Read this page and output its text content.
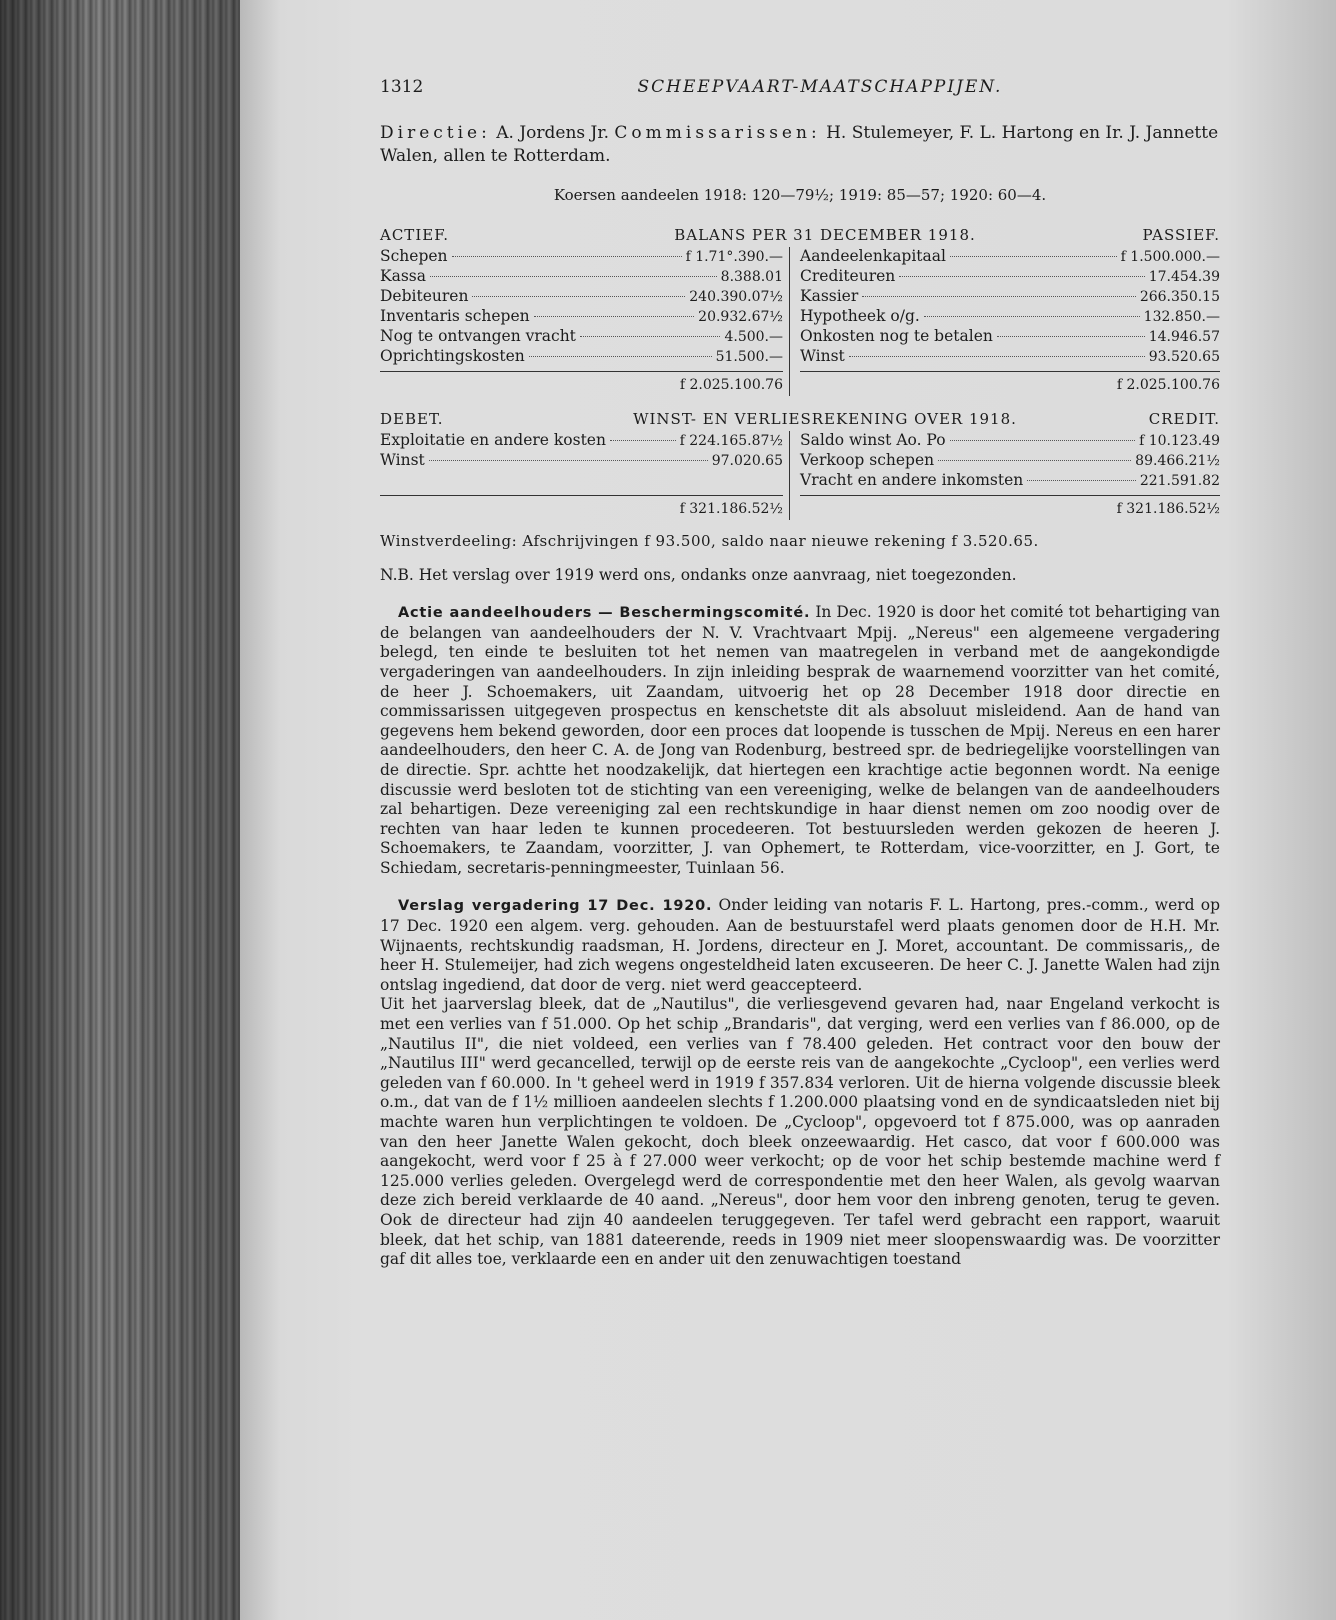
1312	SCHEEPVAART-MAATSCHAPPIJEN.

Directie: A. Jordens Jr. Commissarissen: H. Stulemeyer, F. L. Hartong en Ir. J. Jannette Walen, allen te Rotterdam.

Koersen aandeelen 1918: 120—79½; 1919: 85—57; 1920: 60—4.
ACTIEF.	BALANS PER 31 DECEMBER 1918.	PASSIEF.
Schepen	f 1.71°.390.—
Kassa	8.388.01
Debiteuren	240.390.07½
Inventaris schepen	20.932.67½
Nog te ontvangen vracht	4.500.—
Oprichtingskosten	51.500.—
f 2.025.100.76
Aandeelenkapitaal	f 1.500.000.—
Crediteuren	17.454.39
Kassier	266.350.15
Hypotheek o/g.	132.850.—
Onkosten nog te betalen	14.946.57
Winst	93.520.65
f 2.025.100.76
DEBET.	WINST- EN VERLIESREKENING OVER 1918.	CREDIT.
Exploitatie en andere kosten	f 224.165.87½
Winst	97.020.65
f 321.186.52½
Saldo winst Ao. Po	f 10.123.49
Verkoop schepen	89.466.21½
Vracht en andere inkomsten	221.591.82
f 321.186.52½

Winstverdeeling: Afschrijvingen f 93.500, saldo naar nieuwe rekening f 3.520.65.

N.B. Het verslag over 1919 werd ons, ondanks onze aanvraag, niet toegezonden.

Actie aandeelhouders — Beschermingscomité. In Dec. 1920 is door het comité tot behartiging van de belangen van aandeelhouders der N. V. Vrachtvaart Mpij. „Nereus" een algemeene vergadering belegd, ten einde te besluiten tot het nemen van maatregelen in verband met de aangekondigde vergaderingen van aandeelhouders. In zijn inleiding besprak de waarnemend voorzitter van het comité, de heer J. Schoemakers, uit Zaandam, uitvoerig het op 28 December 1918 door directie en commissarissen uitgegeven prospectus en kenschetste dit als absoluut misleidend. Aan de hand van gegevens hem bekend geworden, door een proces dat loopende is tusschen de Mpij. Nereus en een harer aandeelhouders, den heer C. A. de Jong van Rodenburg, bestreed spr. de bedriegelijke voorstellingen van de directie. Spr. achtte het noodzakelijk, dat hiertegen een krachtige actie begonnen wordt. Na eenige discussie werd besloten tot de stichting van een vereeniging, welke de belangen van de aandeelhouders zal behartigen. Deze vereeniging zal een rechtskundige in haar dienst nemen om zoo noodig over de rechten van haar leden te kunnen procedeeren. Tot bestuursleden werden gekozen de heeren J. Schoemakers, te Zaandam, voorzitter, J. van Ophemert, te Rotterdam, vice-voorzitter, en J. Gort, te Schiedam, secretaris-penningmeester, Tuinlaan 56.

Verslag vergadering 17 Dec. 1920. Onder leiding van notaris F. L. Hartong, pres.-comm., werd op 17 Dec. 1920 een algem. verg. gehouden. Aan de bestuurstafel werd plaats genomen door de H.H. Mr. Wijnaents, rechtskundig raadsman, H. Jordens, directeur en J. Moret, accountant. De commissaris,, de heer H. Stulemeijer, had zich wegens ongesteldheid laten excuseeren. De heer C. J. Janette Walen had zijn ontslag ingediend, dat door de verg. niet werd geaccepteerd.

Uit het jaarverslag bleek, dat de „Nautilus", die verliesgevend gevaren had, naar Engeland verkocht is met een verlies van f 51.000. Op het schip „Brandaris", dat verging, werd een verlies van f 86.000, op de „Nautilus II", die niet voldeed, een verlies van f 78.400 geleden. Het contract voor den bouw der „Nautilus III" werd gecancelled, terwijl op de eerste reis van de aangekochte „Cycloop", een verlies werd geleden van f 60.000. In 't geheel werd in 1919 f 357.834 verloren. Uit de hierna volgende discussie bleek o.m., dat van de f 1½ millioen aandeelen slechts f 1.200.000 plaatsing vond en de syndicaatsleden niet bij machte waren hun verplichtingen te voldoen. De „Cycloop", opgevoerd tot f 875.000, was op aanraden van den heer Janette Walen gekocht, doch bleek onzeewaardig. Het casco, dat voor f 600.000 was aangekocht, werd voor f 25 à f 27.000 weer verkocht; op de voor het schip bestemde machine werd f 125.000 verlies geleden. Overgelegd werd de correspondentie met den heer Walen, als gevolg waarvan deze zich bereid verklaarde de 40 aand. „Nereus", door hem voor den inbreng genoten, terug te geven. Ook de directeur had zijn 40 aandeelen teruggegeven. Ter tafel werd gebracht een rapport, waaruit bleek, dat het schip, van 1881 dateerende, reeds in 1909 niet meer sloopenswaardig was. De voorzitter gaf dit alles toe, verklaarde een en ander uit den zenuwachtigen toestand
